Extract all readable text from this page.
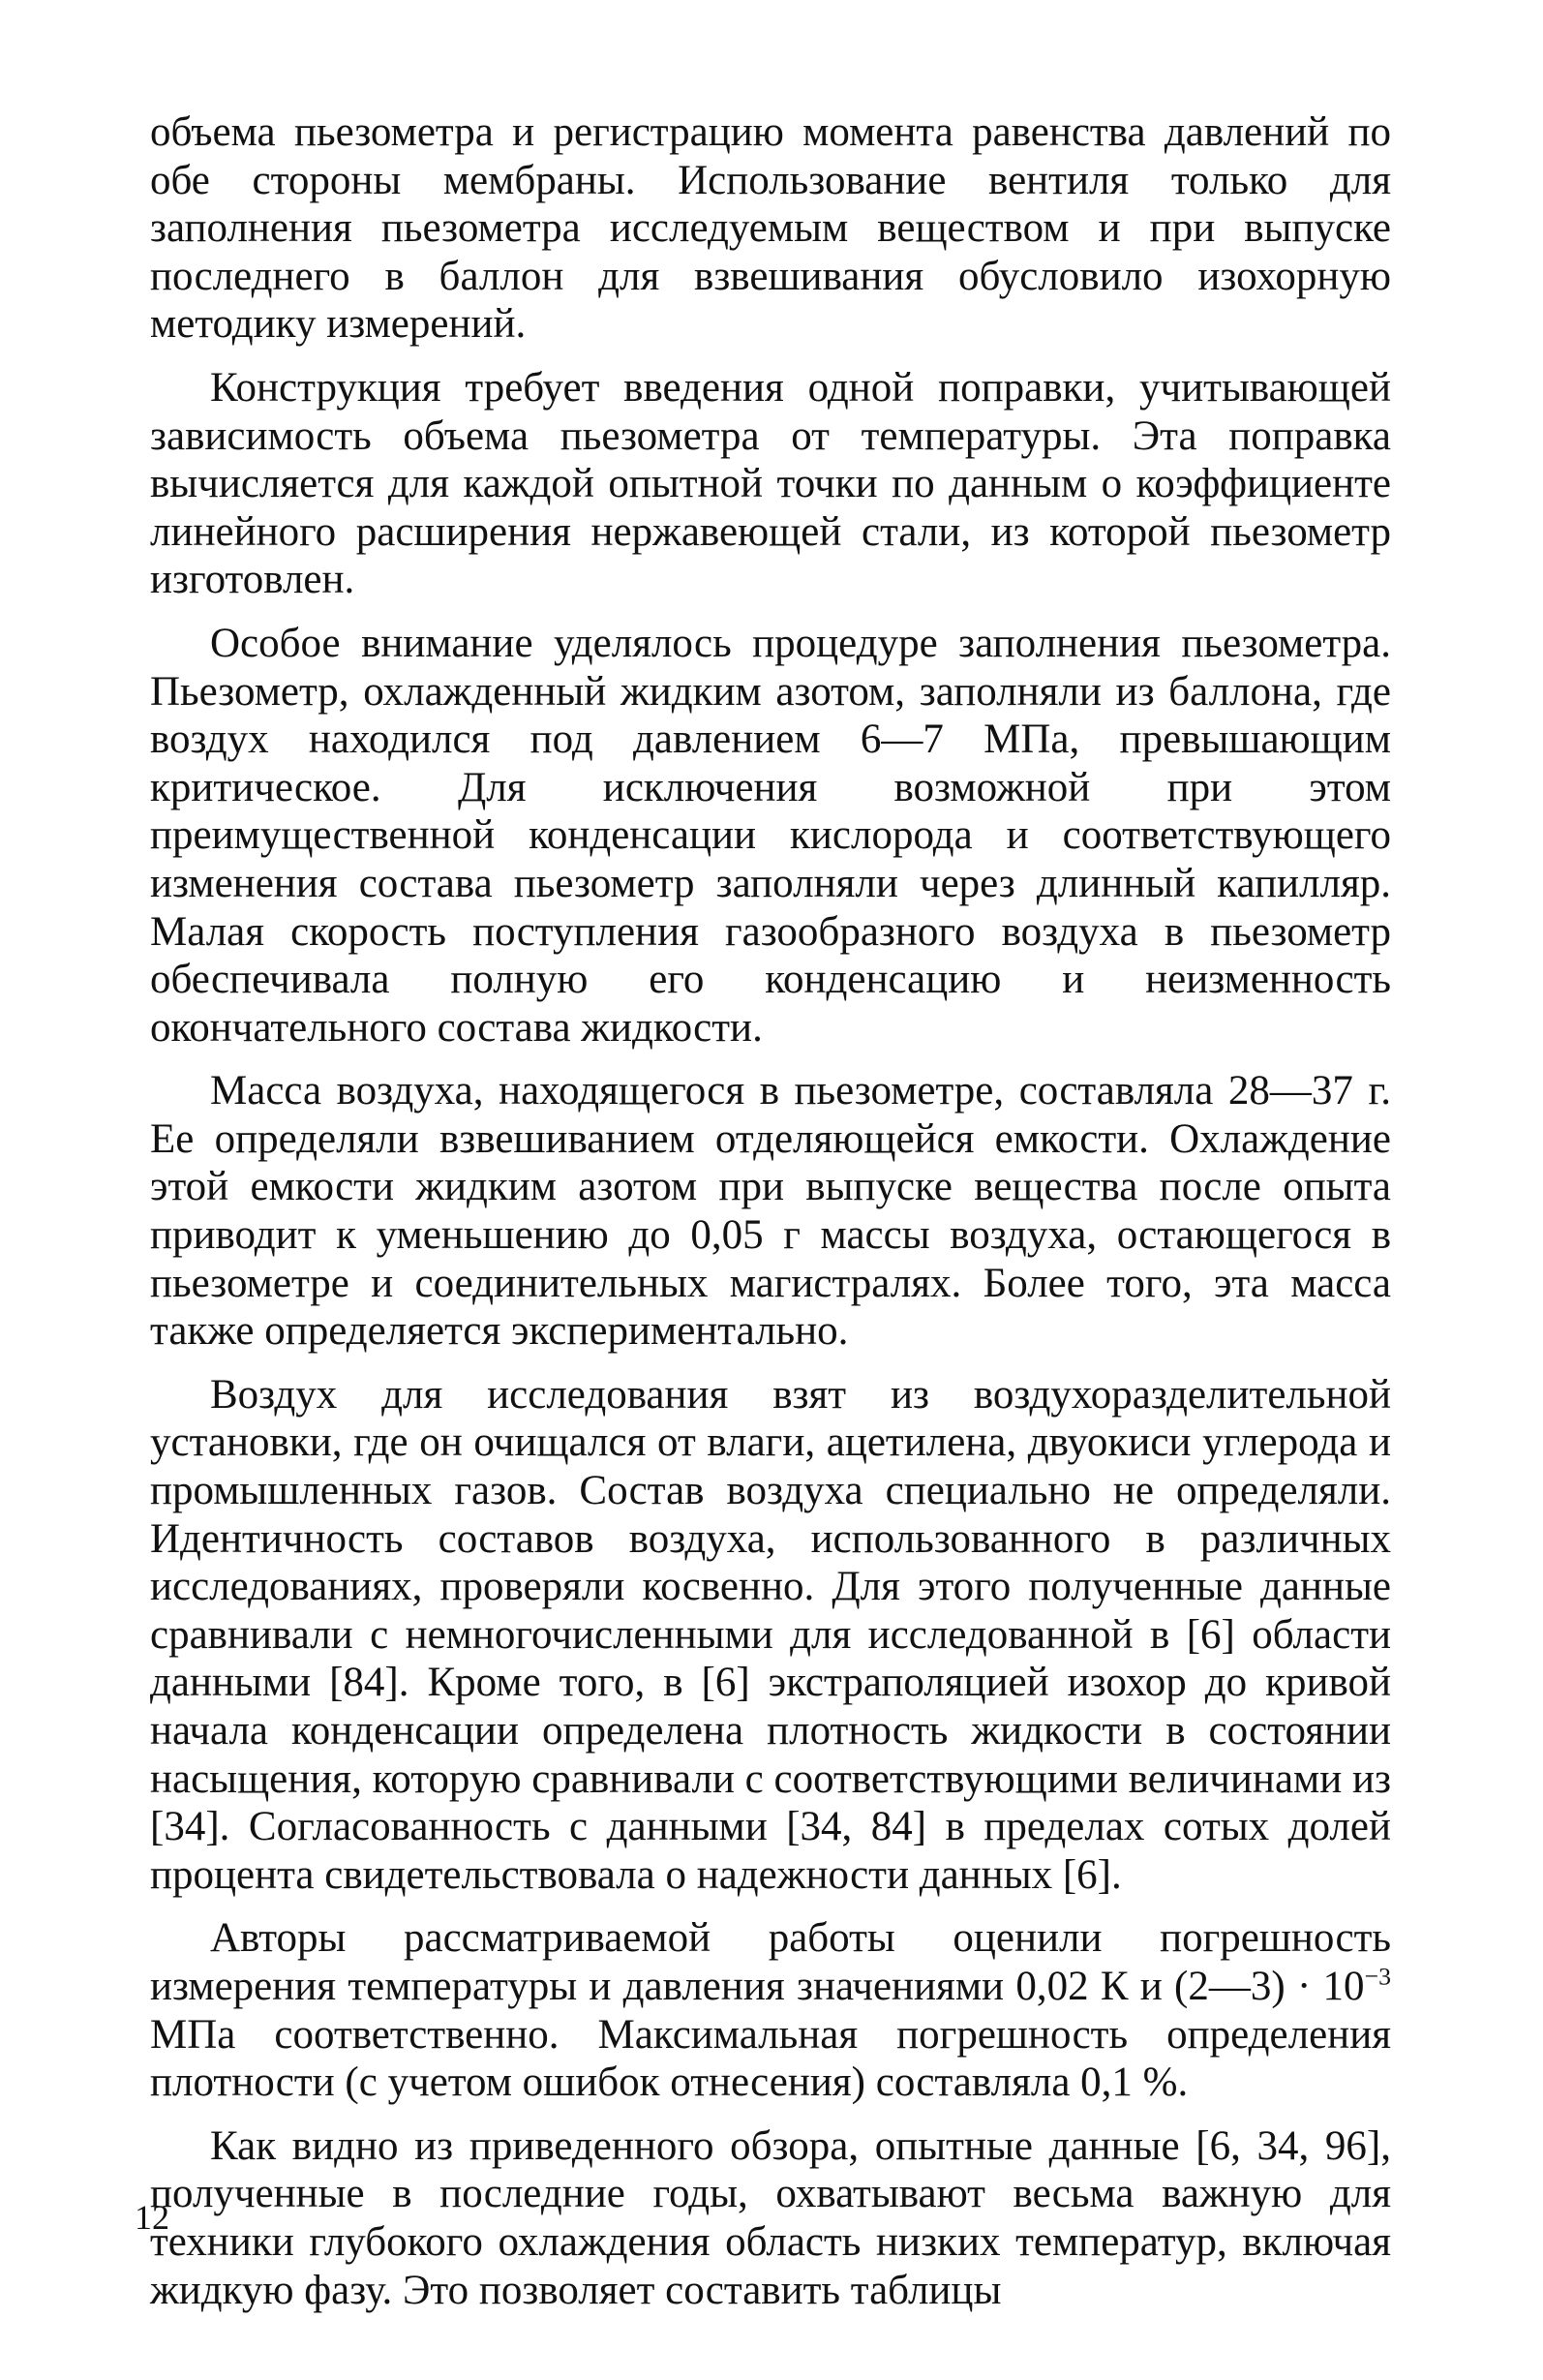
объема пьезометра и регистрацию момента равенства давлений по обе стороны мембраны. Использование вентиля только для заполнения пьезометра исследуемым веществом и при выпуске последнего в баллон для взвешивания обусловило изохорную методику измерений.

Конструкция требует введения одной поправки, учитывающей зависимость объема пьезометра от температуры. Эта поправка вычисляется для каждой опытной точки по данным о коэффициенте линейного расширения нержавеющей стали, из которой пьезометр изготовлен.

Особое внимание уделялось процедуре заполнения пьезометра. Пьезометр, охлажденный жидким азотом, заполняли из баллона, где воздух находился под давлением 6—7 МПа, превышающим критическое. Для исключения возможной при этом преимущественной конденсации кислорода и соответствующего изменения состава пьезометр заполняли через длинный капилляр. Малая скорость поступления газообразного воздуха в пьезометр обеспечивала полную его конденсацию и неизменность окончательного состава жидкости.

Масса воздуха, находящегося в пьезометре, составляла 28—37 г. Ее определяли взвешиванием отделяющейся емкости. Охлаждение этой емкости жидким азотом при выпуске вещества после опыта приводит к уменьшению до 0,05 г массы воздуха, остающегося в пьезометре и соединительных магистралях. Более того, эта масса также определяется экспериментально.

Воздух для исследования взят из воздухоразделительной установки, где он очищался от влаги, ацетилена, двуокиси углерода и промышленных газов. Состав воздуха специально не определяли. Идентичность составов воздуха, использованного в различных исследованиях, проверяли косвенно. Для этого полученные данные сравнивали с немногочисленными для исследованной в [6] области данными [84]. Кроме того, в [6] экстраполяцией изохор до кривой начала конденсации определена плотность жидкости в состоянии насыщения, которую сравнивали с соответствующими величинами из [34]. Согласованность с данными [34, 84] в пределах сотых долей процента свидетельствовала о надежности данных [6].

Авторы рассматриваемой работы оценили погрешность измерения температуры и давления значениями 0,02 К и (2—3) · $10^{-3}$ МПа соответственно. Максимальная погрешность определения плотности (с учетом ошибок отнесения) составляла 0,1 %.

Как видно из приведенного обзора, опытные данные [6, 34, 96], полученные в последние годы, охватывают весьма важную для техники глубокого охлаждения область низких температур, включая жидкую фазу. Это позволяет составить таблицы

12
